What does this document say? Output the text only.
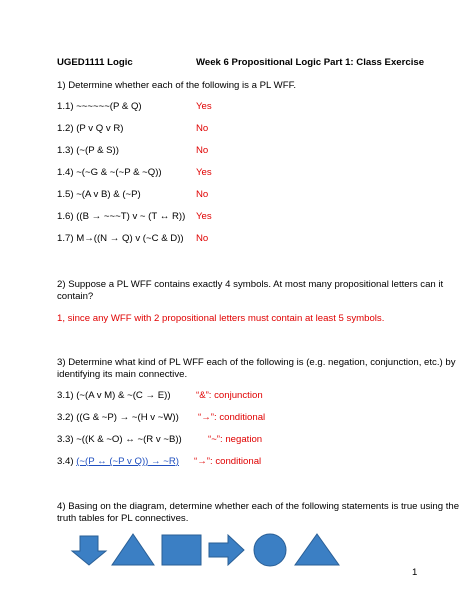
UGED1111 Logic	Week 6 Propositional Logic Part 1: Class Exercise
1) Determine whether each of the following is a PL WFF.
1.1) ~~~~~~(P & Q)	Yes
1.2) (P v Q v R)	No
1.3) (~(P & S))	No
1.4) ~(~G & ~(~P & ~Q))	Yes
1.5) ~(A v B) & (~P)	No
1.6) ((B → ~~~T) v ~ (T ↔ R)) Yes
1.7) M→((N → Q) v (~C & D)) No
2) Suppose a PL WFF contains exactly 4 symbols. At most many propositional letters can it
contain?
1, since any WFF with 2 propositional letters must contain at least 5 symbols.
3) Determine what kind of PL WFF each of the following is (e.g. negation, conjunction, etc.) by
identifying its main connective.
3.1) (~(A v M) & ~(C → E))	“&”: conjunction
3.2) ((G & ~P) → ~(H v ~W)) “→”: conditional
3.3) ~((K & ~O) ↔ ~(R v ~B))	“~”: negation
3.4) (~(P ↔ (~P v Q)) → ~R) “→”: conditional
4) Basing on the diagram, determine whether each of the following statements is true using the
truth tables for PL connectives.
1
